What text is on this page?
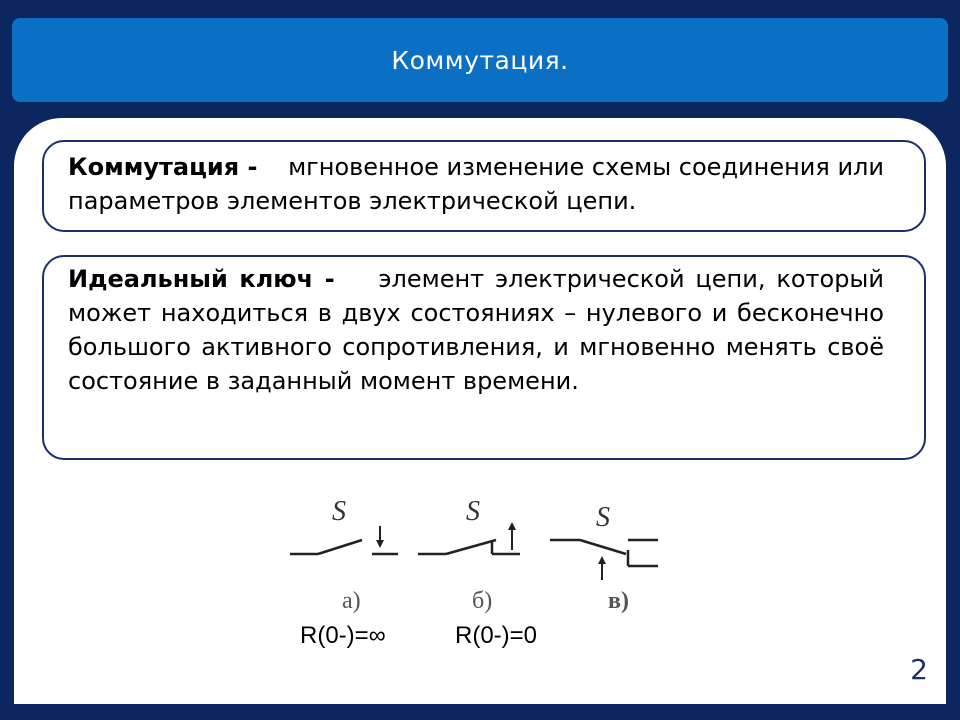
Коммутация.
Коммутация - мгновенное изменение схемы соединения или параметров элементов электрической цепи.
Идеальный ключ - элемент электрической цепи, который может находиться в двух состояниях – нулевого и бесконечно большого активного сопротивления, и мгновенно менять своё состояние в заданный момент времени.
S
а)
S
б)
S
в)
R(0-)=∞	R(0-)=0
2
